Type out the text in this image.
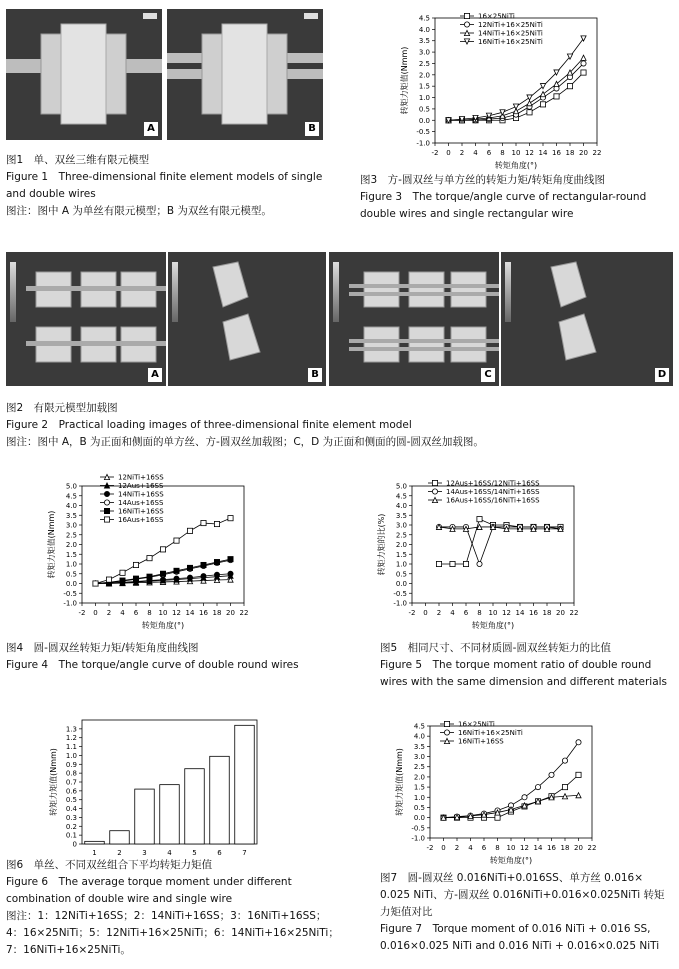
A	B
图1　单、双丝三维有限元模型
Figure 1　Three-dimensional finite element models of single and double wires
图注：图中 A 为单丝有限元模型；B 为双丝有限元模型。
-2 0 2 4 6 8 10 12 14 16 18 20 22
-1.0
-0.5
0.0
0.5
1.0
1.5
2.0
2.5
3.0
3.5
4.0
4.5
转矩角度(°)
转矩力矩值(Nmm)
16×25NiTi
12NiTi+16×25NiTi
14NiTi+16×25NiTi
16NiTi+16×25NiTi
图3　方-圆双丝与单方丝的转矩力矩/转矩角度曲线图
Figure 3　The torque/angle curve of rectangular-round double wires and single rectangular wire
A	B	C	D
图2　有限元模型加载图
Figure 2　Practical loading images of three-dimensional finite element model
图注：图中 A，B 为正面和侧面的单方丝、方-圆双丝加载图；C，D 为正面和侧面的圆-圆双丝加载图。
-2 0 2 4 6 8 10 12 14 16 18 20 22
-1.0
-0.5
0.0
0.5
1.0
1.5
2.0
2.5
3.0
3.5
4.0
4.5
5.0
转矩角度(°)
转矩力矩值(Nmm)
12NiTi+16SS
12Aus+16SS
14NiTi+16SS
14Aus+16SS
16NiTi+16SS
16Aus+16SS
-2 0 2 4 6 8 10 12 14 16 18 20 22
-1.0
-0.5
0.0
0.5
1.0
1.5
2.0
2.5
3.0
3.5
4.0
4.5
5.0
转矩角度(°)
转矩力矩的比(%)
12Aus+16SS/12NiTi+16SS
14Aus+16SS/14NiTi+16SS
16Aus+16SS/16NiTi+16SS
图4　圆-圆双丝转矩力矩/转矩角度曲线图
Figure 4　The torque/angle curve of double round wires
图5　相同尺寸、不同材质圆-圆双丝转矩力的比值
Figure 5　The torque moment ratio of double round wires with the same dimension and different materials
0
0.1
0.2
0.3
0.4
0.5
0.6
0.7
0.8
0.9
1.0
1.1
1.2
1.3
转矩力矩值(Nmm)
1	2	3	4	5	6	7
-2 0 2 4 6 8 10 12 14 16 18 20 22
-1.0
-0.5
0.0
0.5
1.0
1.5
2.0
2.5
3.0
3.5
4.0
4.5
转矩角度(°)
转矩力矩值(Nmm)
16×25NiTi
16NiTi+16×25NiTi
16NiTi+16SS
图6　单丝、不同双丝组合下平均转矩力矩值
Figure 6　The average torque moment under different combination of double wire and single wire
图注：1：12NiTi+16SS；2：14NiTi+16SS；3：16NiTi+16SS；
4：16×25NiTi；5：12NiTi+16×25NiTi；6：14NiTi+16×25NiTi；
7：16NiTi+16×25NiTi。
图7　圆-圆双丝 0.016NiTi+0.016SS、单方丝 0.016×
0.025 NiTi、方-圆双丝 0.016NiTi+0.016×0.025NiTi 转矩
力矩值对比
Figure 7　Torque moment of 0.016 NiTi + 0.016 SS,
0.016×0.025 NiTi and 0.016 NiTi + 0.016×0.025 NiTi
